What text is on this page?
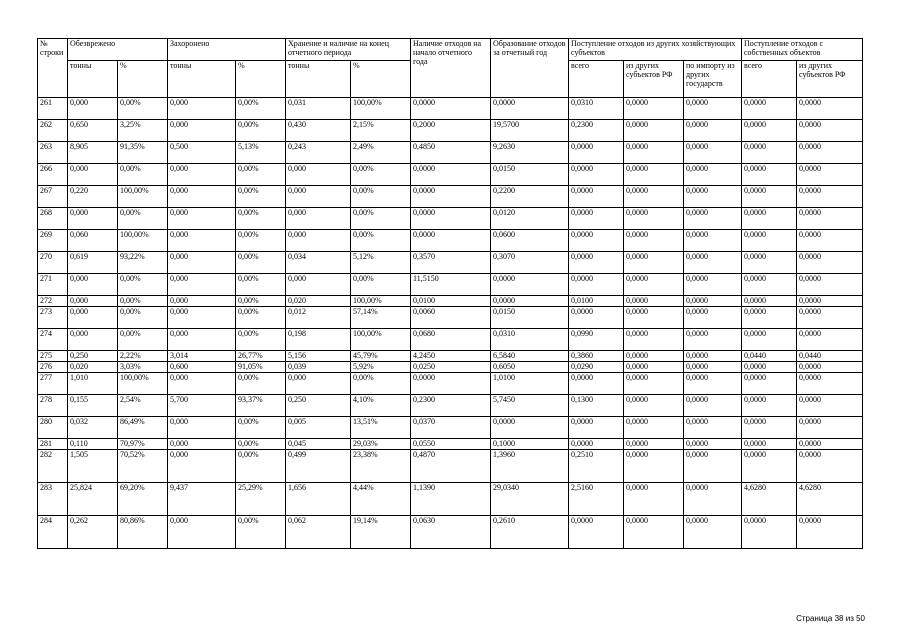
№ строки	Обезврежено		Захоронено		Хранение и наличие на конец отчетного периода		Наличие отходов на начало отчетного года	Образование отходов за отчетный год	Поступление отходов из других хозяйствующих субъектов			Поступление отходов с собственных объектов	
	тонны	%	тонны	%	тонны	%			всего	из других субъектов РФ	по импорту из других государств	всего	из других субъектов РФ
261	0,000	0,00%	0,000	0,00%	0,031	100,00%	0,0000	0,0000	0,0310	0,0000	0,0000	0,0000	0,0000
262	0,650	3,25%	0,000	0,00%	0,430	2,15%	0,2000	19,5700	0,2300	0,0000	0,0000	0,0000	0,0000
263	8,905	91,35%	0,500	5,13%	0,243	2,49%	0,4850	9,2630	0,0000	0,0000	0,0000	0,0000	0,0000
266	0,000	0,00%	0,000	0,00%	0,000	0,00%	0,0000	0,0150	0,0000	0,0000	0,0000	0,0000	0,0000
267	0,220	100,00%	0,000	0,00%	0,000	0,00%	0,0000	0,2200	0,0000	0,0000	0,0000	0,0000	0,0000
268	0,000	0,00%	0,000	0,00%	0,000	0,00%	0,0000	0,0120	0,0000	0,0000	0,0000	0,0000	0,0000
269	0,060	100,00%	0,000	0,00%	0,000	0,00%	0,0000	0,0600	0,0000	0,0000	0,0000	0,0000	0,0000
270	0,619	93,22%	0,000	0,00%	0,034	5,12%	0,3570	0,3070	0,0000	0,0000	0,0000	0,0000	0,0000
271	0,000	0,00%	0,000	0,00%	0,000	0,00%	11,5150	0,0000	0,0000	0,0000	0,0000	0,0000	0,0000
272	0,000	0,00%	0,000	0,00%	0,020	100,00%	0,0100	0,0000	0,0100	0,0000	0,0000	0,0000	0,0000
273	0,000	0,00%	0,000	0,00%	0,012	57,14%	0,0060	0,0150	0,0000	0,0000	0,0000	0,0000	0,0000
274	0,000	0,00%	0,000	0,00%	0,198	100,00%	0,0680	0,0310	0,0990	0,0000	0,0000	0,0000	0,0000
275	0,250	2,22%	3,014	26,77%	5,156	45,79%	4,2450	6,5840	0,3860	0,0000	0,0000	0,0440	0,0440
276	0,020	3,03%	0,600	91,05%	0,039	5,92%	0,0250	0,6050	0,0290	0,0000	0,0000	0,0000	0,0000
277	1,010	100,00%	0,000	0,00%	0,000	0,00%	0,0000	1,0100	0,0000	0,0000	0,0000	0,0000	0,0000
278	0,155	2,54%	5,700	93,37%	0,250	4,10%	0,2300	5,7450	0,1300	0,0000	0,0000	0,0000	0,0000
280	0,032	86,49%	0,000	0,00%	0,005	13,51%	0,0370	0,0000	0,0000	0,0000	0,0000	0,0000	0,0000
281	0,110	70,97%	0,000	0,00%	0,045	29,03%	0,0550	0,1000	0,0000	0,0000	0,0000	0,0000	0,0000
282	1,505	70,52%	0,000	0,00%	0,499	23,38%	0,4870	1,3960	0,2510	0,0000	0,0000	0,0000	0,0000
283	25,824	69,20%	9,437	25,29%	1,656	4,44%	1,1390	29,0340	2,5160	0,0000	0,0000	4,6280	4,6280
284	0,262	80,86%	0,000	0,00%	0,062	19,14%	0,0630	0,2610	0,0000	0,0000	0,0000	0,0000	0,0000
Страница 38 из 50
